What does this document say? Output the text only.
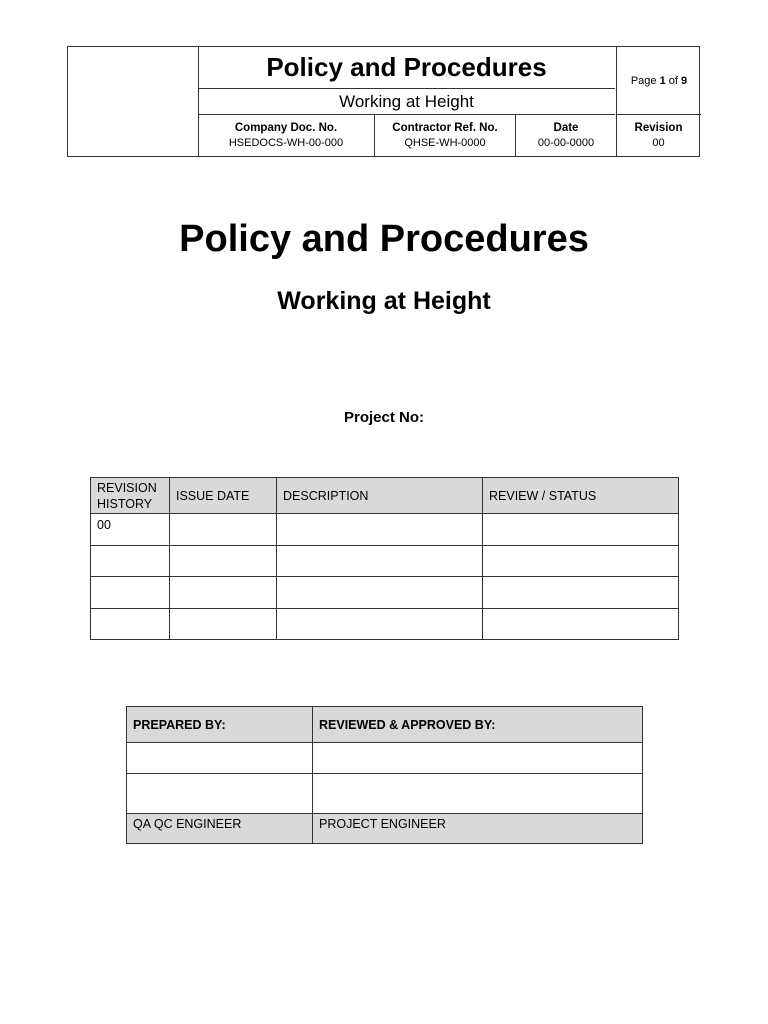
Policy and Procedures
Working at Height
Page
1
of
9
Company Doc. No.
HSEDOCS-WH-00-000
Contractor Ref. No.
QHSE-WH-0000
Date
00-00-0000
Revision
00
Policy and Procedures
Working at Height
Project No:
REVISION HISTORY	ISSUE DATE	DESCRIPTION	REVIEW / STATUS
00			

PREPARED BY:	REVIEWED & APPROVED BY:

QA QC ENGINEER	PROJECT ENGINEER
